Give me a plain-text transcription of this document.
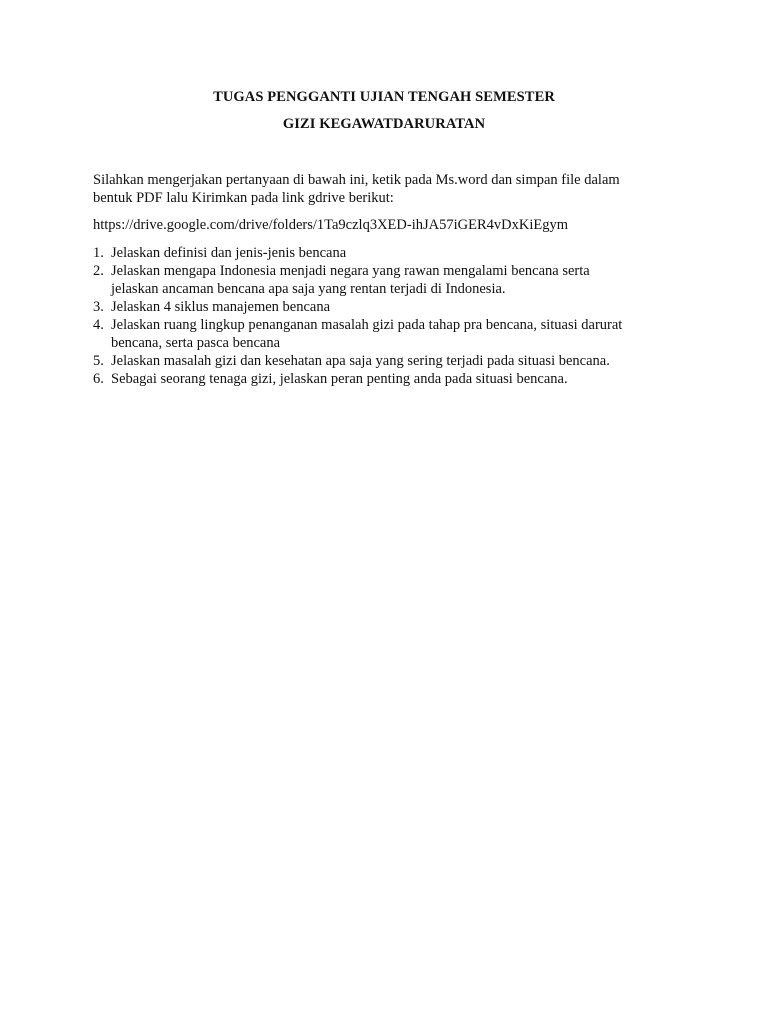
TUGAS PENGGANTI UJIAN TENGAH SEMESTER
GIZI KEGAWATDARURATAN

Silahkan mengerjakan pertanyaan di bawah ini, ketik pada Ms.word dan simpan file dalam

bentuk PDF lalu Kirimkan pada link gdrive berikut:

https://drive.google.com/drive/folders/1Ta9czlq3XED-ihJA57iGER4vDxKiEgym
1. Jelaskan definisi dan jenis-jenis bencana
2. Jelaskan mengapa Indonesia menjadi negara yang rawan mengalami bencana serta
jelaskan ancaman bencana apa saja yang rentan terjadi di Indonesia.
3. Jelaskan 4 siklus manajemen bencana
4. Jelaskan ruang lingkup penanganan masalah gizi pada tahap pra bencana, situasi darurat
bencana, serta pasca bencana
5. Jelaskan masalah gizi dan kesehatan apa saja yang sering terjadi pada situasi bencana.
6. Sebagai seorang tenaga gizi, jelaskan peran penting anda pada situasi bencana.
